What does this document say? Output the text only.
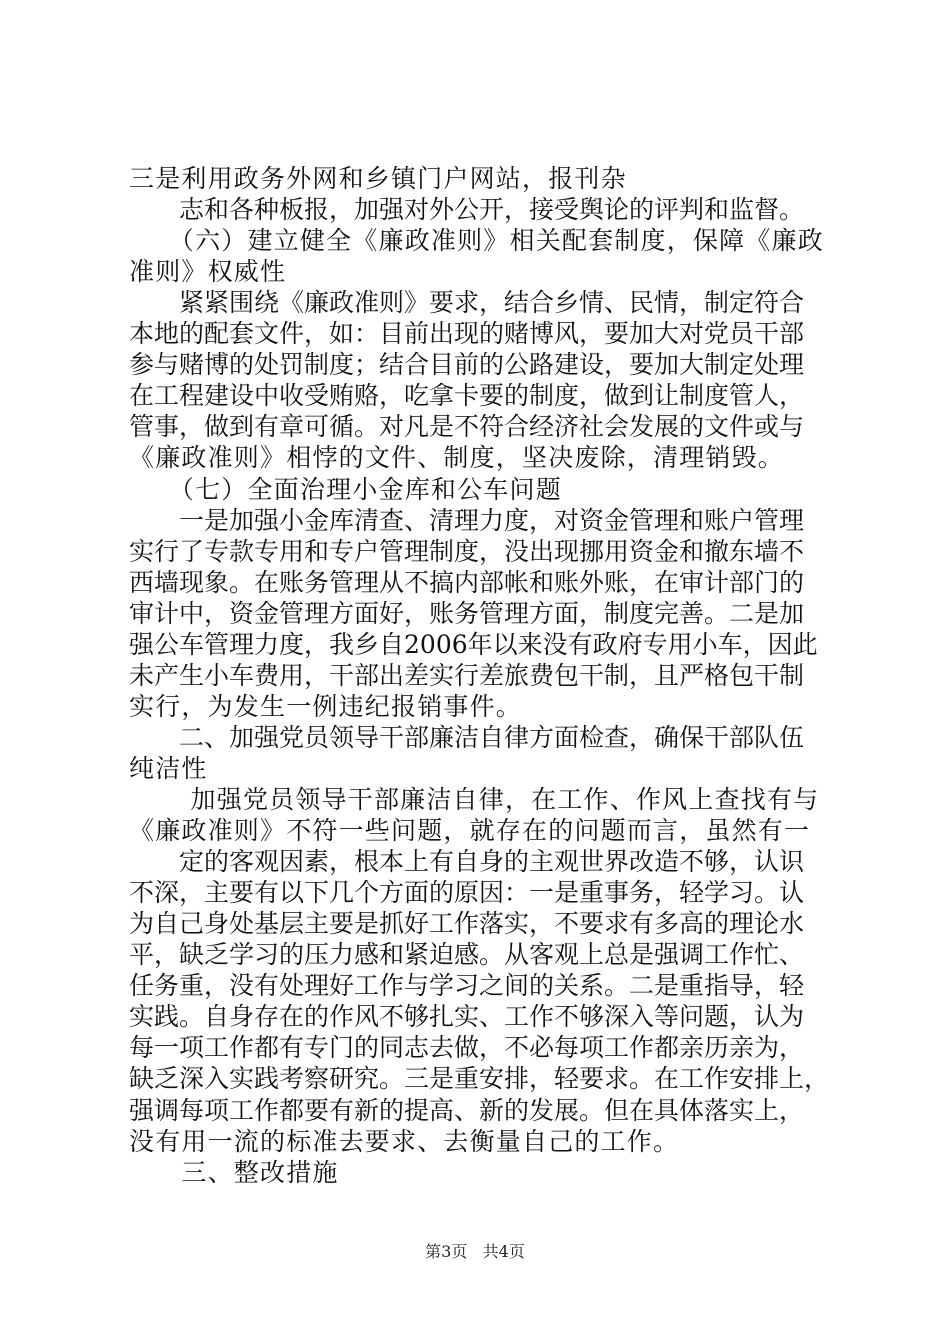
三是利用政务外网和乡镇门户网站，报刊杂
　　志和各种板报，加强对外公开，接受舆论的评判和监督。
　　（六）建立健全《廉政准则》相关配套制度，保障《廉政
准则》权威性
　　紧紧围绕《廉政准则》要求，结合乡情、民情，制定符合
本地的配套文件，如：目前出现的赌博风，要加大对党员干部
参与赌博的处罚制度；结合目前的公路建设，要加大制定处理
在工程建设中收受贿赂，吃拿卡要的制度，做到让制度管人，
管事，做到有章可循。对凡是不符合经济社会发展的文件或与
《廉政准则》相悖的文件、制度，坚决废除，清理销毁。
　　（七）全面治理小金库和公车问题
　　一是加强小金库清查、清理力度，对资金管理和账户管理
实行了专款专用和专户管理制度，没出现挪用资金和撤东墙不
西墙现象。在账务管理从不搞内部帐和账外账，在审计部门的
审计中，资金管理方面好，账务管理方面，制度完善。二是加
强公车管理力度，我乡自2006年以来没有政府专用小车，因此
未产生小车费用，干部出差实行差旅费包干制，且严格包干制
实行，为发生一例违纪报销事件。
　　二、加强党员领导干部廉洁自律方面检查，确保干部队伍
纯洁性
　　 加强党员领导干部廉洁自律，在工作、作风上查找有与
《廉政准则》不符一些问题，就存在的问题而言，虽然有一
　　定的客观因素，根本上有自身的主观世界改造不够，认识
不深，主要有以下几个方面的原因：一是重事务，轻学习。认
为自己身处基层主要是抓好工作落实，不要求有多高的理论水
平，缺乏学习的压力感和紧迫感。从客观上总是强调工作忙、
任务重，没有处理好工作与学习之间的关系。二是重指导，轻
实践。自身存在的作风不够扎实、工作不够深入等问题，认为
每一项工作都有专门的同志去做，不必每项工作都亲历亲为，
缺乏深入实践考察研究。三是重安排，轻要求。在工作安排上，
强调每项工作都要有新的提高、新的发展。但在具体落实上，
没有用一流的标准去要求、去衡量自己的工作。
　　三、整改措施
第3页 共4页
